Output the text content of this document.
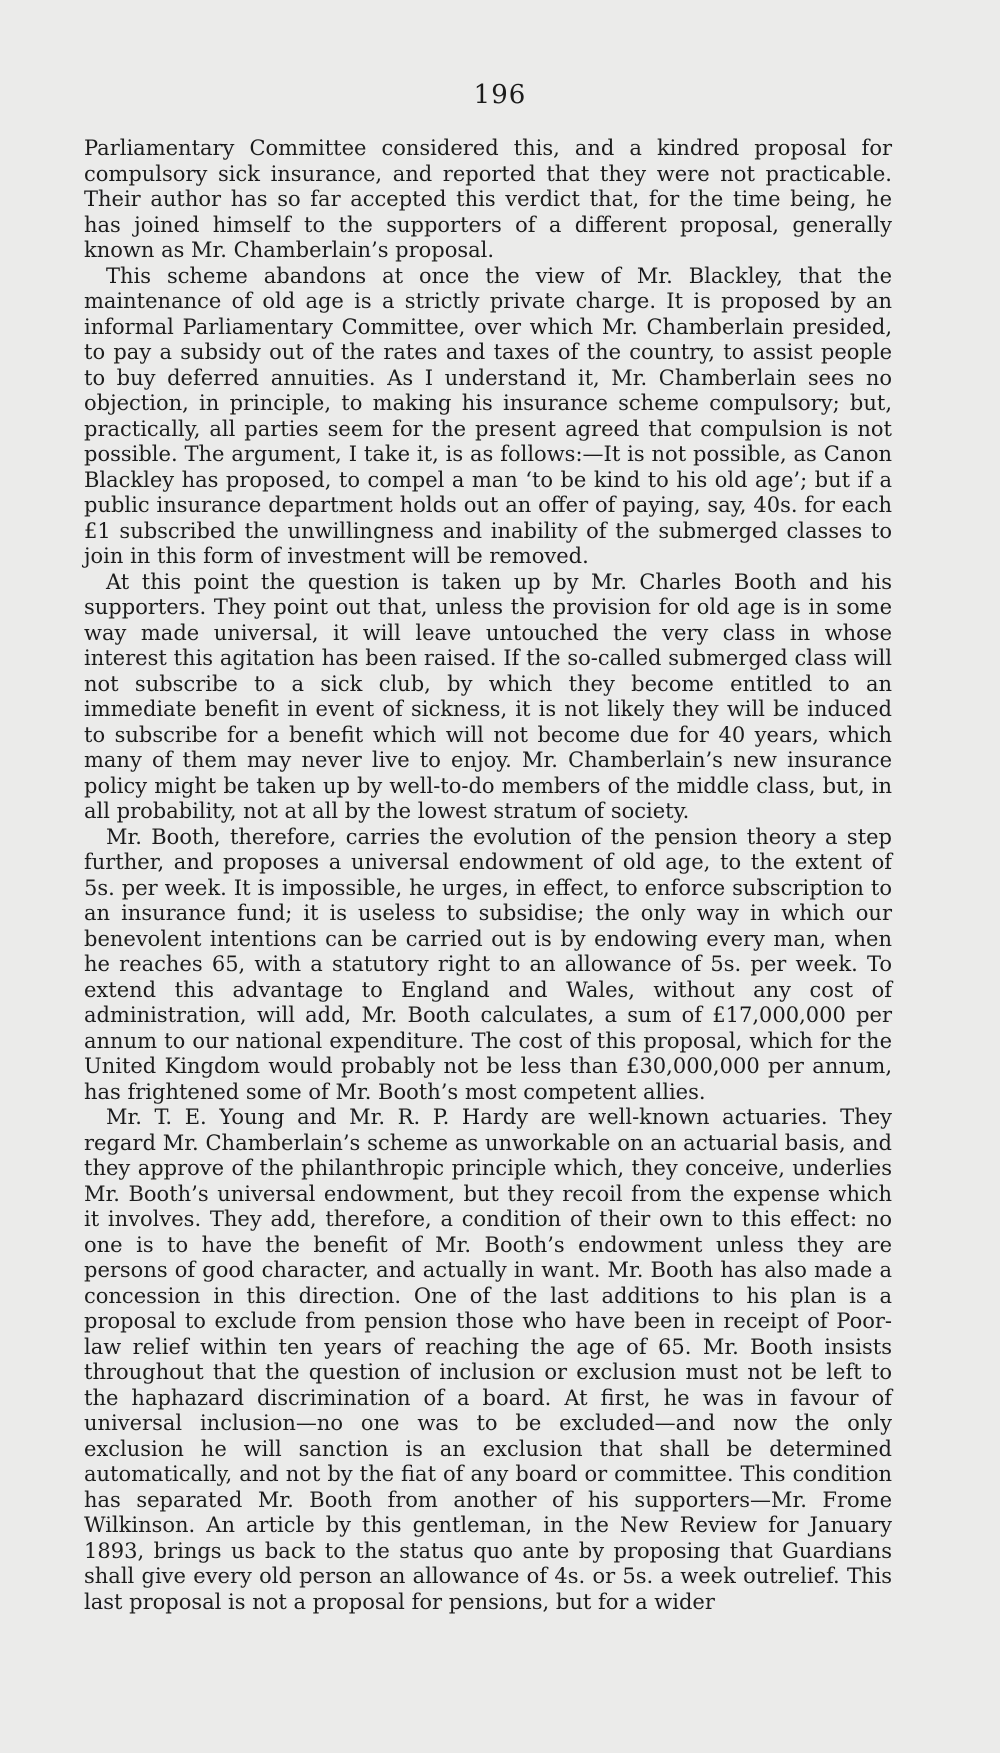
196

Parliamentary Committee considered this, and a kindred proposal for compulsory sick insurance, and reported that they were not practicable. Their author has so far accepted this verdict that, for the time being, he has joined himself to the supporters of a different proposal, generally known as Mr. Chamberlain’s proposal.

This scheme abandons at once the view of Mr. Blackley, that the maintenance of old age is a strictly private charge. It is proposed by an informal Parliamentary Committee, over which Mr. Chamberlain presided, to pay a subsidy out of the rates and taxes of the country, to assist people to buy deferred annuities. As I understand it, Mr. Chamberlain sees no objection, in principle, to making his insurance scheme compulsory; but, practically, all parties seem for the present agreed that compulsion is not possible. The argument, I take it, is as follows:—It is not possible, as Canon Blackley has proposed, to compel a man ‘to be kind to his old age’; but if a public insurance department holds out an offer of paying, say, 40s. for each £1 subscribed the unwillingness and inability of the submerged classes to join in this form of investment will be removed.

At this point the question is taken up by Mr. Charles Booth and his supporters. They point out that, unless the provision for old age is in some way made universal, it will leave untouched the very class in whose interest this agitation has been raised. If the so-called submerged class will not subscribe to a sick club, by which they become entitled to an immediate benefit in event of sickness, it is not likely they will be induced to subscribe for a benefit which will not become due for 40 years, which many of them may never live to enjoy. Mr. Chamberlain’s new insurance policy might be taken up by well-to-do members of the middle class, but, in all probability, not at all by the lowest stratum of society.

Mr. Booth, therefore, carries the evolution of the pension theory a step further, and proposes a universal endowment of old age, to the extent of 5s. per week. It is impossible, he urges, in effect, to enforce subscription to an insurance fund; it is useless to subsidise; the only way in which our benevolent intentions can be carried out is by endowing every man, when he reaches 65, with a statutory right to an allowance of 5s. per week. To extend this advantage to England and Wales, without any cost of administration, will add, Mr. Booth calculates, a sum of £17,000,000 per annum to our national expenditure. The cost of this proposal, which for the United Kingdom would probably not be less than £30,000,000 per annum, has frightened some of Mr. Booth’s most competent allies.

Mr. T. E. Young and Mr. R. P. Hardy are well-known actuaries. They regard Mr. Chamberlain’s scheme as unworkable on an actuarial basis, and they approve of the philanthropic principle which, they conceive, underlies Mr. Booth’s universal endowment, but they recoil from the expense which it involves. They add, therefore, a condition of their own to this effect: no one is to have the benefit of Mr. Booth’s endowment unless they are persons of good character, and actually in want. Mr. Booth has also made a concession in this direction. One of the last additions to his plan is a proposal to exclude from pension those who have been in receipt of Poor-law relief within ten years of reaching the age of 65. Mr. Booth insists throughout that the question of inclusion or exclusion must not be left to the haphazard discrimination of a board. At first, he was in favour of universal inclusion—no one was to be excluded—and now the only exclusion he will sanction is an exclusion that shall be determined automatically, and not by the fiat of any board or committee. This condition has separated Mr. Booth from another of his supporters—Mr. Frome Wilkinson. An article by this gentleman, in the New Review for January 1893, brings us back to the status quo ante by proposing that Guardians shall give every old person an allowance of 4s. or 5s. a week outrelief. This last proposal is not a proposal for pensions, but for a wider
